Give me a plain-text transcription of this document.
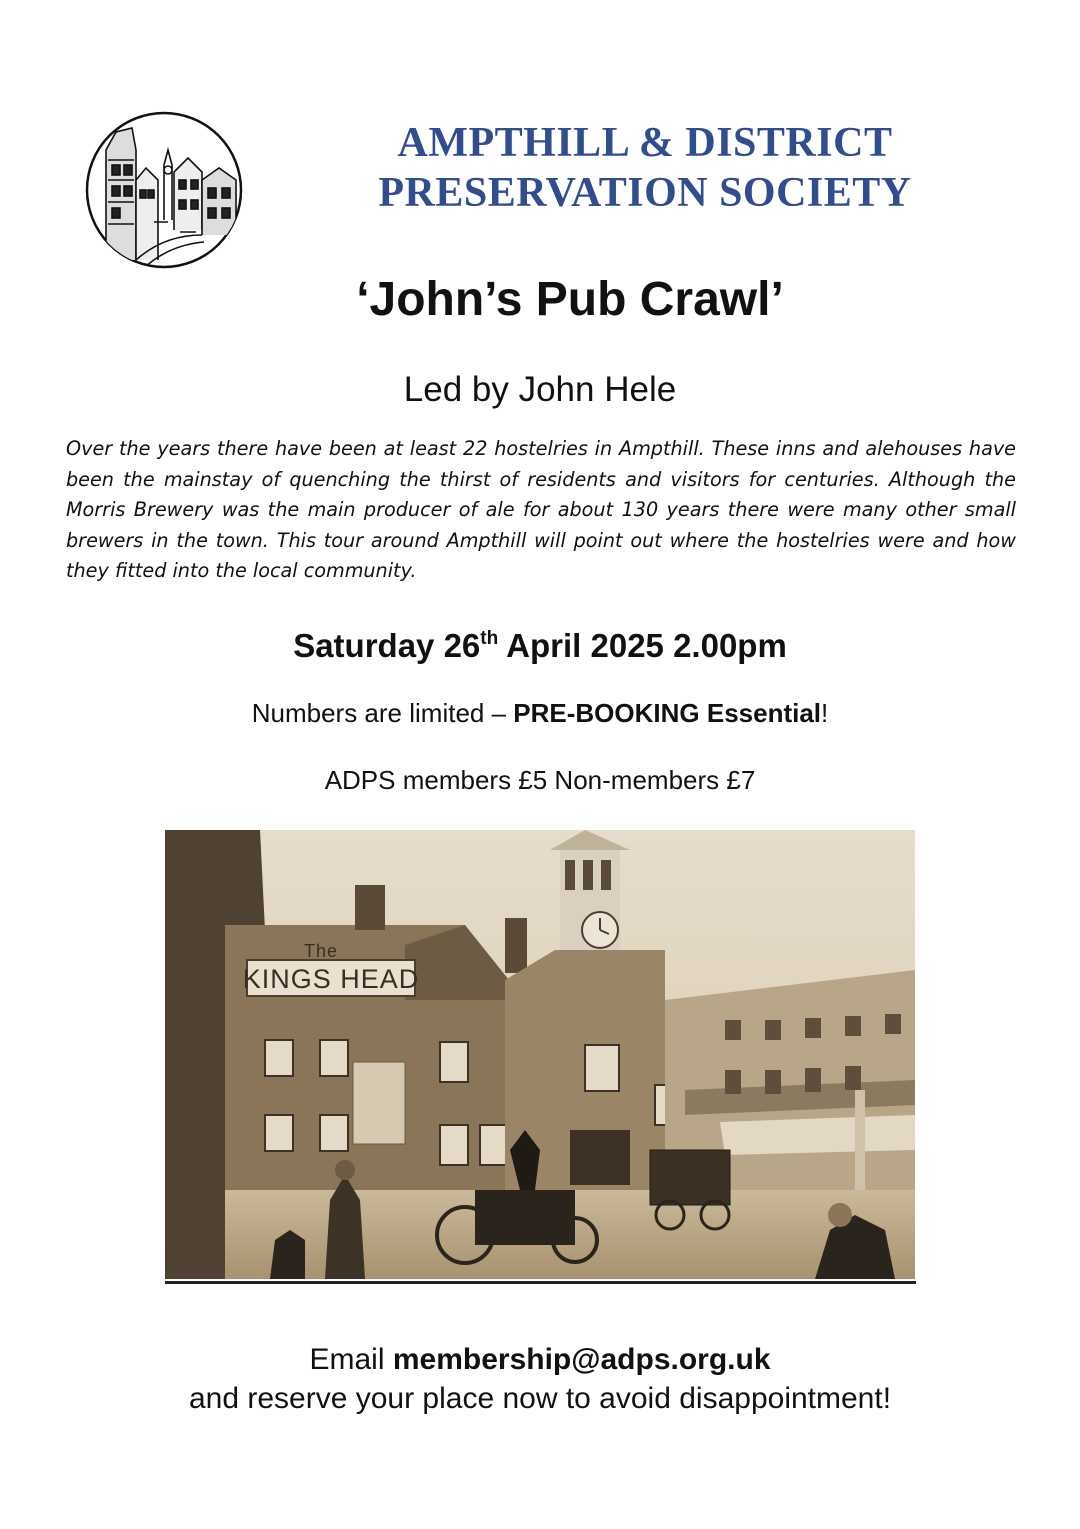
AMPTHILL & DISTRICT
PRESERVATION SOCIETY
‘John’s Pub Crawl’
Led by John Hele

Over the years there have been at least 22 hostelries in Ampthill. These inns and alehouses have been the mainstay of quenching the thirst of residents and visitors for centuries. Although the Morris Brewery was the main producer of ale for about 130 years there were many other small brewers in the town. This tour around Ampthill will point out where the hostelries were and how they fitted into the local community.

Saturday 26th April 2025 2.00pm
Numbers are limited – PRE-BOOKING Essential!
ADPS members £5 Non-members £7
The
KINGS HEAD
Email membership@adps.org.uk
and reserve your place now to avoid disappointment!
